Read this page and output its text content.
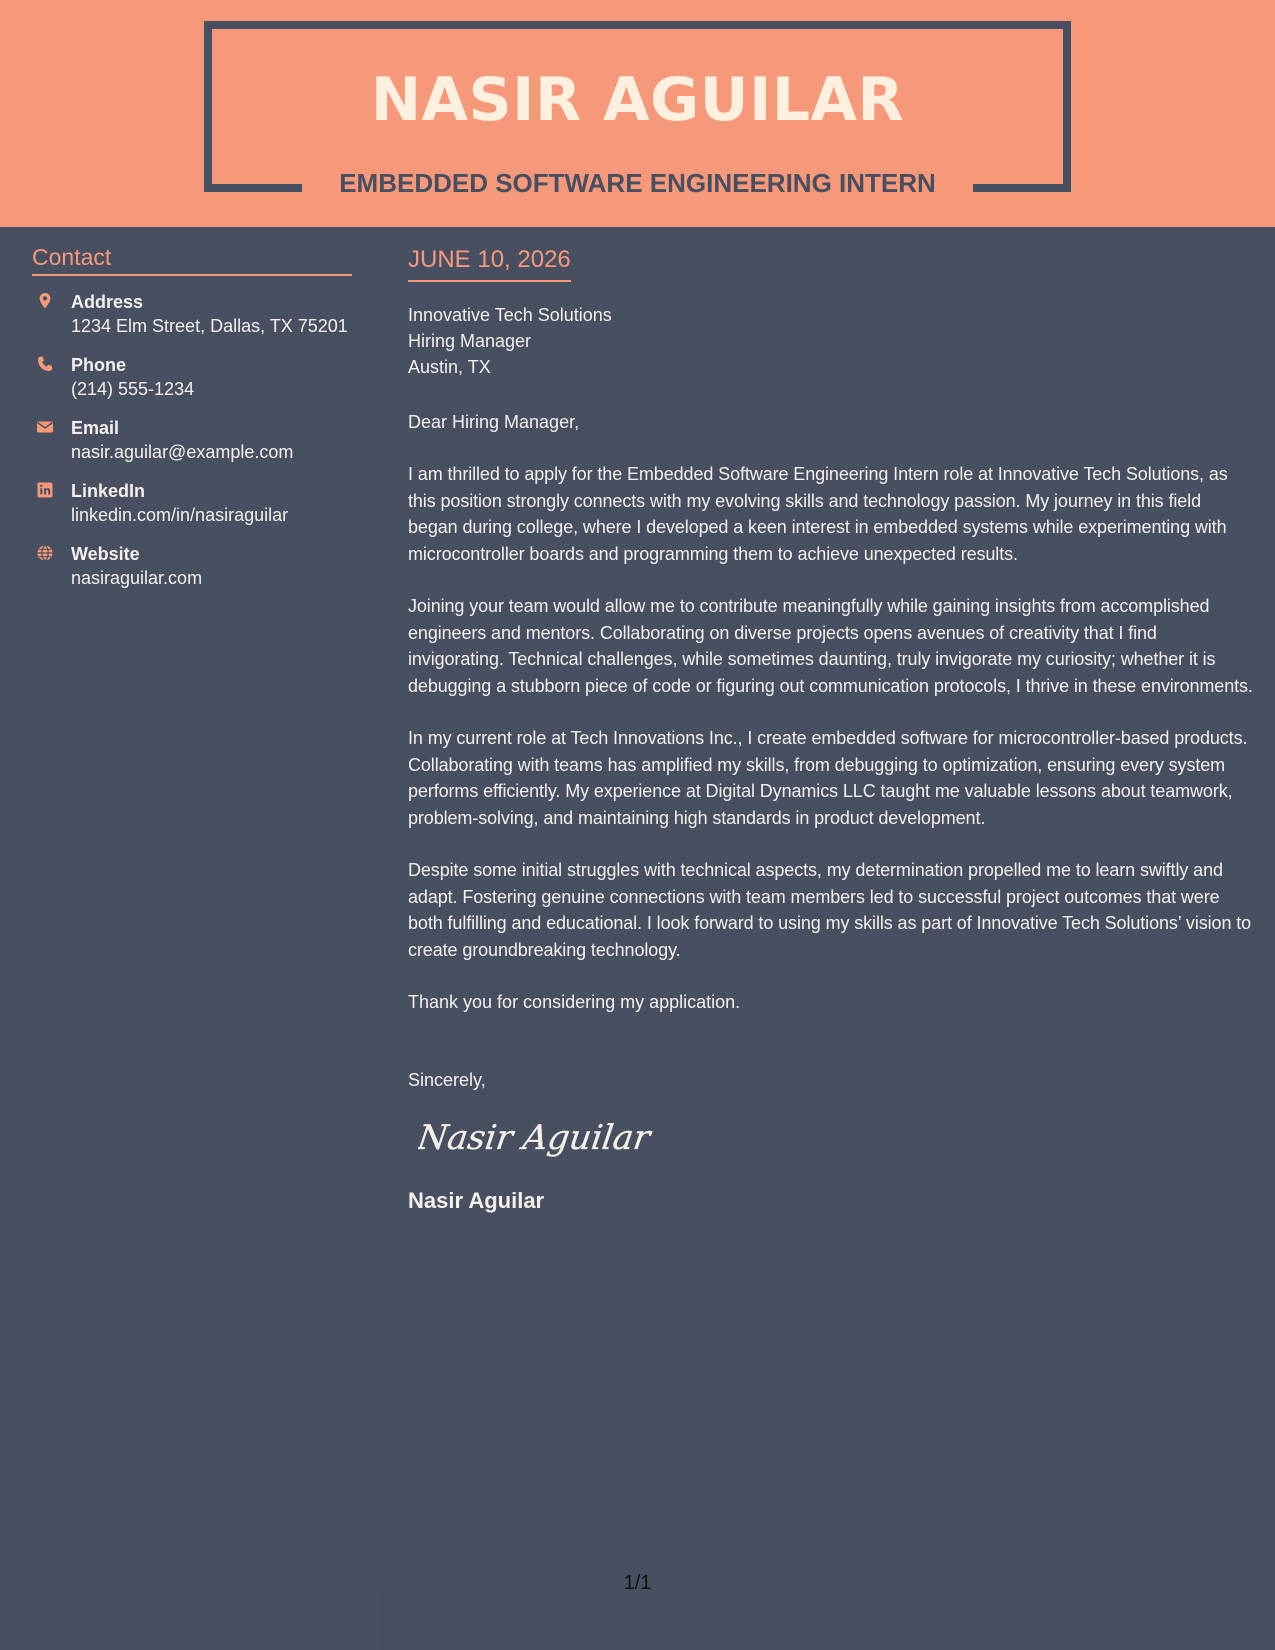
NASIR AGUILAR
EMBEDDED SOFTWARE ENGINEERING INTERN
Contact
Address
1234 Elm Street, Dallas, TX 75201
Phone
(214) 555-1234
Email
nasir.aguilar@example.com
LinkedIn
linkedin.com/in/nasiraguilar
Website
nasiraguilar.com
JUNE 10, 2026
Innovative Tech Solutions
Hiring Manager
Austin, TX
Dear Hiring Manager,
I am thrilled to apply for the Embedded Software Engineering Intern role at Innovative Tech Solutions, as this position strongly connects with my evolving skills and technology passion. My journey in this field began during college, where I developed a keen interest in embedded systems while experimenting with microcontroller boards and programming them to achieve unexpected results.
Joining your team would allow me to contribute meaningfully while gaining insights from accomplished engineers and mentors. Collaborating on diverse projects opens avenues of creativity that I find invigorating. Technical challenges, while sometimes daunting, truly invigorate my curiosity; whether it is debugging a stubborn piece of code or figuring out communication protocols, I thrive in these environments.
In my current role at Tech Innovations Inc., I create embedded software for microcontroller-based products. Collaborating with teams has amplified my skills, from debugging to optimization, ensuring every system performs efficiently. My experience at Digital Dynamics LLC taught me valuable lessons about teamwork, problem-solving, and maintaining high standards in product development.
Despite some initial struggles with technical aspects, my determination propelled me to learn swiftly and adapt. Fostering genuine connections with team members led to successful project outcomes that were both fulfilling and educational. I look forward to using my skills as part of Innovative Tech Solutions’ vision to create groundbreaking technology.
Thank you for considering my application.
Sincerely,
Nasir Aguilar
Nasir Aguilar
1/1
